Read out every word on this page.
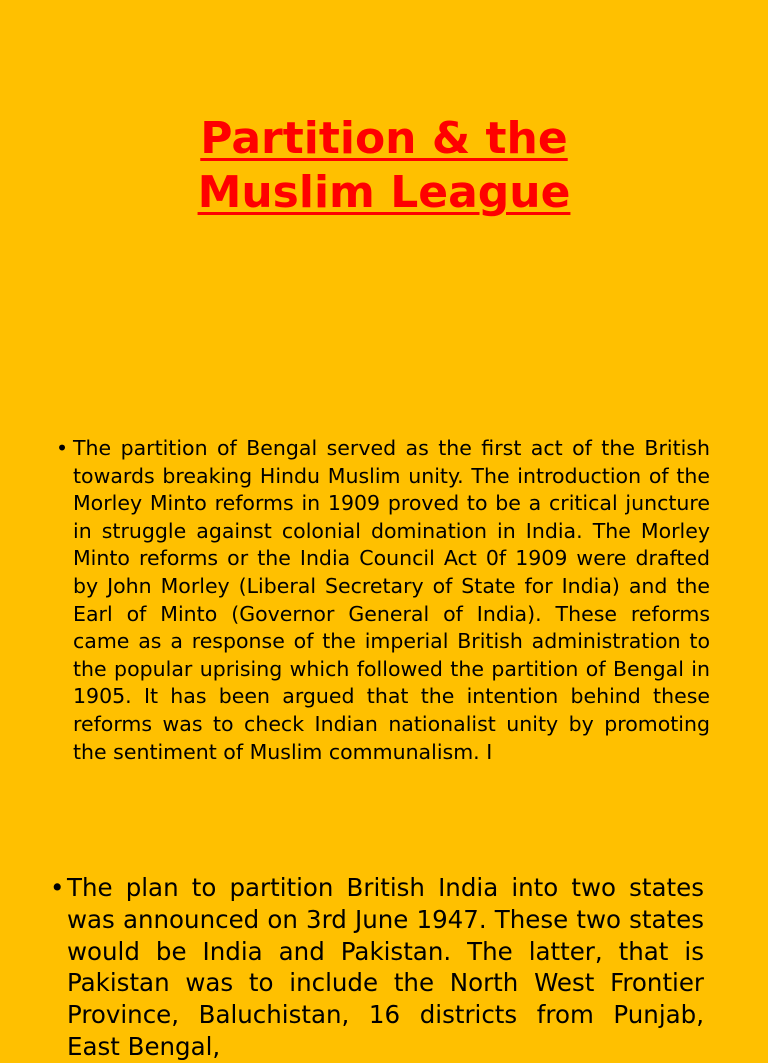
Partition & the
Muslim League
• The partition of Bengal served as the first act of the British towards breaking Hindu Muslim unity. The introduction of the Morley Minto reforms in 1909 proved to be a critical juncture in struggle against colonial domination in India. The Morley Minto reforms or the India Council Act 0f 1909 were drafted by John Morley (Liberal Secretary of State for India) and the Earl of Minto (Governor General of India). These reforms came as a response of the imperial British administration to the popular uprising which followed the partition of Bengal in 1905. It has been argued that the intention behind these reforms was to check Indian nationalist unity by promoting the sentiment of Muslim communalism. I
• The plan to partition British India into two states was announced on 3rd June 1947. These two states would be India and Pakistan. The latter, that is Pakistan was to include the North West Frontier Province, Baluchistan, 16 districts from Punjab, East Bengal,
